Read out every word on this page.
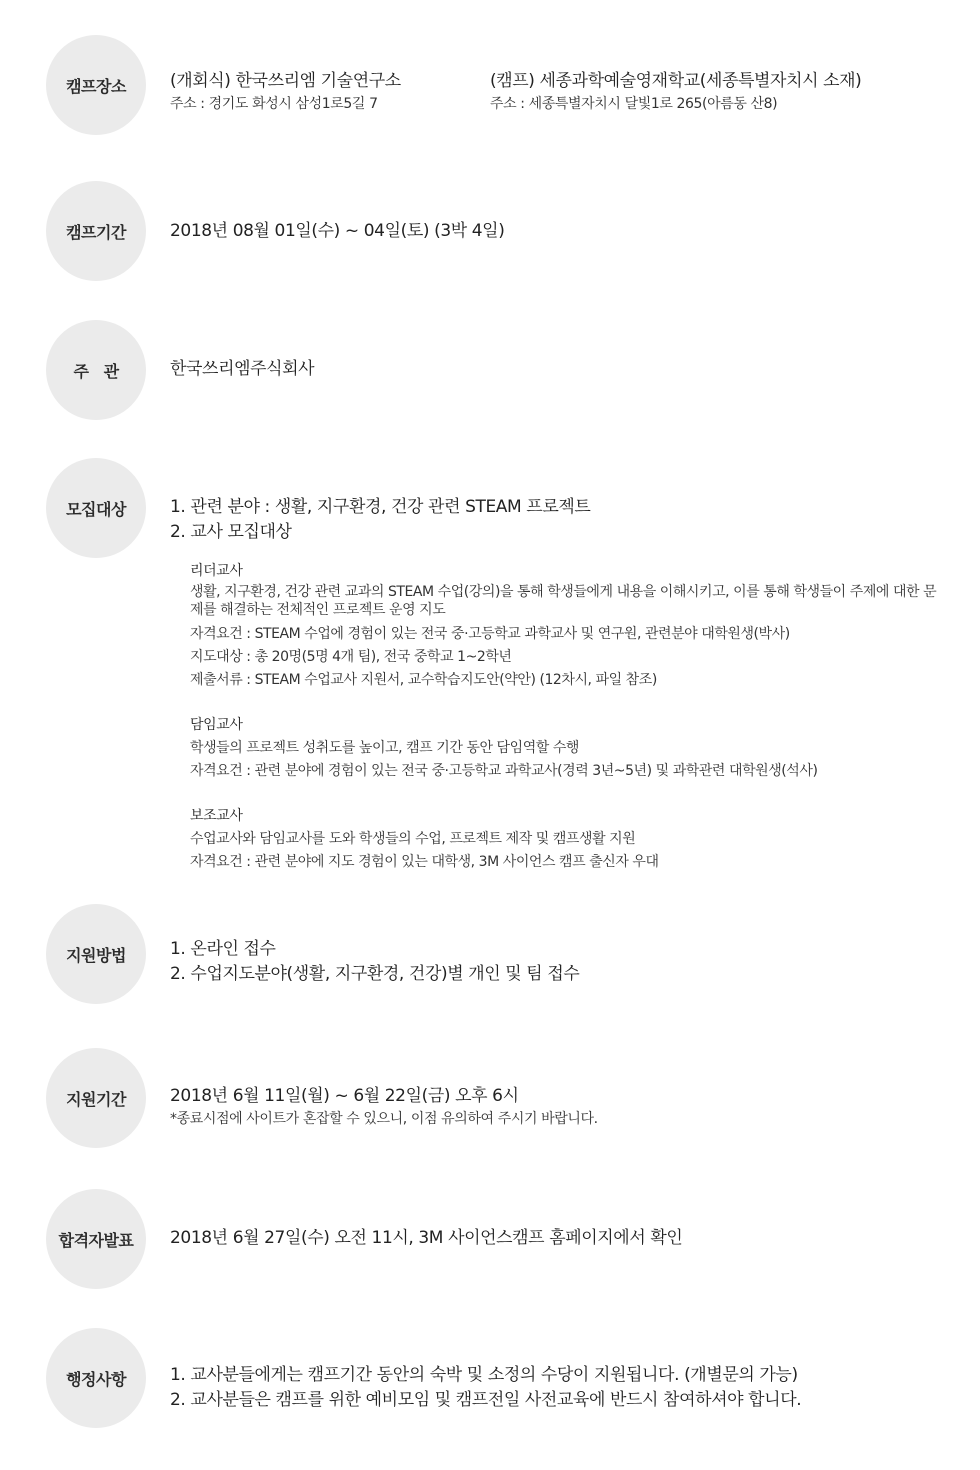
캠프장소	(개회식) 한국쓰리엠 기술연구소
주소 : 경기도 화성시 삼성1로5길 7
(캠프) 세종과학예술영재학교(세종특별자치시 소재)
주소 : 세종특별자치시 달빛1로 265(아름동 산8)
캠프기간	2018년 08월 01일(수) ~ 04일(토) (3박 4일)
주   관	한국쓰리엠주식회사
모집대상	1. 관련 분야 : 생활, 지구환경, 건강 관련 STEAM 프로젝트
2. 교사 모집대상
리더교사
생활, 지구환경, 건강 관련 교과의 STEAM 수업(강의)을 통해 학생들에게 내용을 이해시키고, 이를 통해 학생들이 주제에 대한 문제를 해결하는 전체적인 프로젝트 운영 지도
자격요건 : STEAM 수업에 경험이 있는 전국 중·고등학교 과학교사 및 연구원, 관련분야 대학원생(박사)
지도대상 : 총 20명(5명 4개 팀), 전국 중학교 1~2학년
제출서류 : STEAM 수업교사 지원서, 교수학습지도안(약안) (12차시, 파일 참조)
담임교사
학생들의 프로젝트 성취도를 높이고, 캠프 기간 동안 담임역할 수행
자격요건 : 관련 분야에 경험이 있는 전국 중·고등학교 과학교사(경력 3년~5년) 및 과학관련 대학원생(석사)
보조교사
수업교사와 담임교사를 도와 학생들의 수업, 프로젝트 제작 및 캠프생활 지원
자격요건 : 관련 분야에 지도 경험이 있는 대학생, 3M 사이언스 캠프 출신자 우대
지원방법	1. 온라인 접수
2. 수업지도분야(생활, 지구환경, 건강)별 개인 및 팀 접수
지원기간	2018년 6월 11일(월) ~ 6월 22일(금) 오후 6시
*종료시점에 사이트가 혼잡할 수 있으니, 이점 유의하여 주시기 바랍니다.
합격자발표	2018년 6월 27일(수) 오전 11시, 3M 사이언스캠프 홈페이지에서 확인
행정사항	1. 교사분들에게는 캠프기간 동안의 숙박 및 소정의 수당이 지원됩니다. (개별문의 가능)
2. 교사분들은 캠프를 위한 예비모임 및 캠프전일 사전교육에 반드시 참여하셔야 합니다.
